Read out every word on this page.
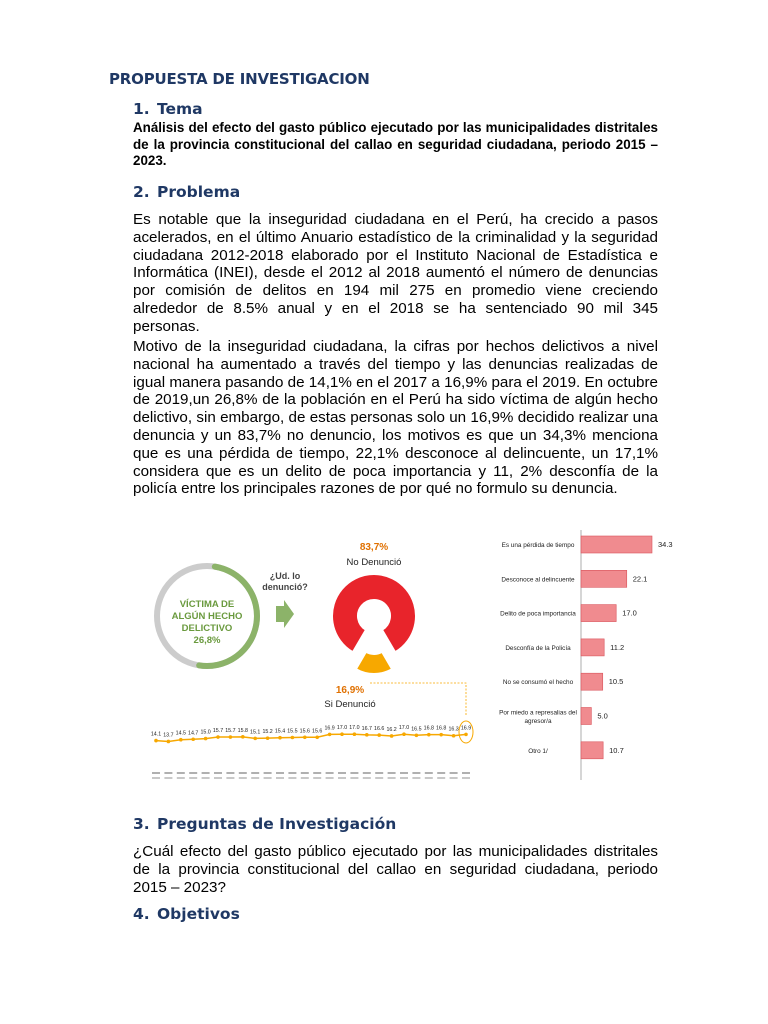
PROPUESTA DE INVESTIGACION
1. Tema
Análisis del efecto del gasto público ejecutado por las municipalidades distritales de la provincia constitucional del callao en seguridad ciudadana, periodo 2015 – 2023.
2. Problema
Es notable que la inseguridad ciudadana en el Perú, ha crecido a pasos acelerados, en el último Anuario estadístico de la criminalidad y la seguridad ciudadana 2012-2018 elaborado por el Instituto Nacional de Estadística e Informática (INEI), desde el 2012 al 2018 aumentó el número de denuncias por comisión de delitos en 194 mil 275 en promedio viene creciendo alrededor de 8.5% anual y en el 2018 se ha sentenciado 90 mil 345 personas.
Motivo de la inseguridad ciudadana, la cifras por hechos delictivos a nivel nacional ha aumentado a través del tiempo y las denuncias realizadas de igual manera pasando de 14,1% en el 2017 a 16,9% para el 2019. En octubre de 2019,un 26,8% de la población en el Perú ha sido víctima de algún hecho delictivo, sin embargo, de estas personas solo un 16,9% decidido realizar una denuncia y un 83,7% no denuncio, los motivos es que un 34,3% menciona que es una pérdida de tiempo, 22,1% desconoce al delincuente, un 17,1% considera que es un delito de poca importancia y 11, 2% desconfía de la policía entre los principales razones de por qué no formulo su denuncia.
VÍCTIMA DE
ALGÚN HECHO
DELICTIVO
26,8%
¿Ud. lo
denunció?
83,7%
No Denunció
16,9%
Si Denunció
14.1 13.7 14.5 14.7 15.0 15.7 15.7 15.8 15.1 15.2 15.4 15.5 15.6 15.6 16.9 17.0 17.0 16.7 16.6 16.2 17.0 16.5 16.8 16.8 16.3 16.9
34.3
Es una pérdida de tiempo
22.1
Desconoce al delincuente
17.0
Delito de poca importancia
11.2
Desconfía de la Policía
10.5
No se consumó el hecho
5.0
Por miedo a represalias del
agresor/a
10.7
Otro 1/
3. Preguntas de Investigación
¿Cuál efecto del gasto público ejecutado por las municipalidades distritales de la provincia constitucional del callao en seguridad ciudadana, periodo 2015 – 2023?
4. Objetivos
